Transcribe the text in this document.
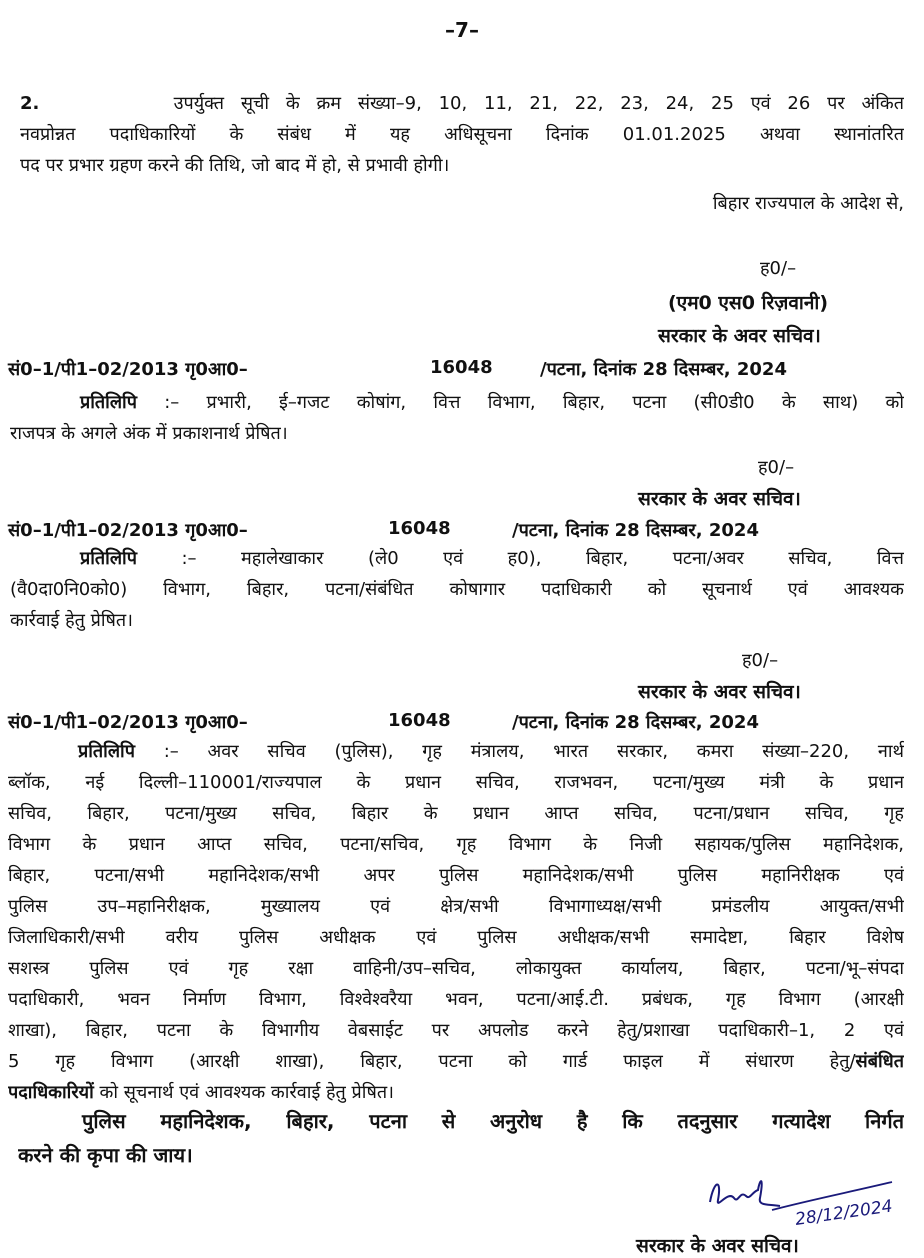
–7–
2.	उपर्युक्त सूची के क्रम संख्या–9, 10, 11, 21, 22, 23, 24, 25 एवं 26 पर अंकित
नवप्रोन्नत पदाधिकारियों के संबंध में यह अधिसूचना दिनांक 01.01.2025 अथवा स्थानांतरित
पद पर प्रभार ग्रहण करने की तिथि, जो बाद में हो, से प्रभावी होगी।
बिहार राज्यपाल के आदेश से,
ह0/–
(एम0 एस0 रिज़वानी)
सरकार के अवर सचिव।
सं0–1/पी1–02/2013 गृ0आ0–	16048	/पटना, दिनांक 28 दिसम्बर, 2024
प्रतिलिपि :– प्रभारी, ई–गजट कोषांग, वित्त विभाग, बिहार, पटना (सी0डी0 के साथ) को
राजपत्र के अगले अंक में प्रकाशनार्थ प्रेषित।
ह0/–
सरकार के अवर सचिव।
सं0–1/पी1–02/2013 गृ0आ0–	16048	/पटना, दिनांक 28 दिसम्बर, 2024
प्रतिलिपि :– महालेखाकार (ले0 एवं ह0), बिहार, पटना/अवर सचिव, वित्त
(वै0दा0नि0को0) विभाग, बिहार, पटना/संबंधित कोषागार पदाधिकारी को सूचनार्थ एवं आवश्यक
कार्रवाई हेतु प्रेषित।
ह0/–
सरकार के अवर सचिव।
सं0–1/पी1–02/2013 गृ0आ0–	16048	/पटना, दिनांक 28 दिसम्बर, 2024
प्रतिलिपि :– अवर सचिव (पुलिस), गृह मंत्रालय, भारत सरकार, कमरा संख्या–220, नार्थ
ब्लॉक, नई दिल्ली–110001/राज्यपाल के प्रधान सचिव, राजभवन, पटना/मुख्य मंत्री के प्रधान
सचिव, बिहार, पटना/मुख्य सचिव, बिहार के प्रधान आप्त सचिव, पटना/प्रधान सचिव, गृह
विभाग के प्रधान आप्त सचिव, पटना/सचिव, गृह विभाग के निजी सहायक/पुलिस महानिदेशक,
बिहार, पटना/सभी महानिदेशक/सभी अपर पुलिस महानिदेशक/सभी पुलिस महानिरीक्षक एवं
पुलिस उप–महानिरीक्षक, मुख्यालय एवं क्षेत्र/सभी विभागाध्यक्ष/सभी प्रमंडलीय आयुक्त/सभी
जिलाधिकारी/सभी वरीय पुलिस अधीक्षक एवं पुलिस अधीक्षक/सभी समादेष्टा, बिहार विशेष
सशस्त्र पुलिस एवं गृह रक्षा वाहिनी/उप–सचिव, लोकायुक्त कार्यालय, बिहार, पटना/भू–संपदा
पदाधिकारी, भवन निर्माण विभाग, विश्वेश्वरैया भवन, पटना/आई.टी. प्रबंधक, गृह विभाग (आरक्षी
शाखा), बिहार, पटना के विभागीय वेबसाईट पर अपलोड करने हेतु/प्रशाखा पदाधिकारी–1, 2 एवं
5 गृह विभाग (आरक्षी शाखा), बिहार, पटना को गार्ड फाइल में संधारण हेतु/संबंधित
पदाधिकारियों को सूचनार्थ एवं आवश्यक कार्रवाई हेतु प्रेषित।
पुलिस महानिदेशक, बिहार, पटना से अनुरोध है कि तदनुसार गत्यादेश निर्गत
करने की कृपा की जाय।
28/12/2024
सरकार के अवर सचिव।
